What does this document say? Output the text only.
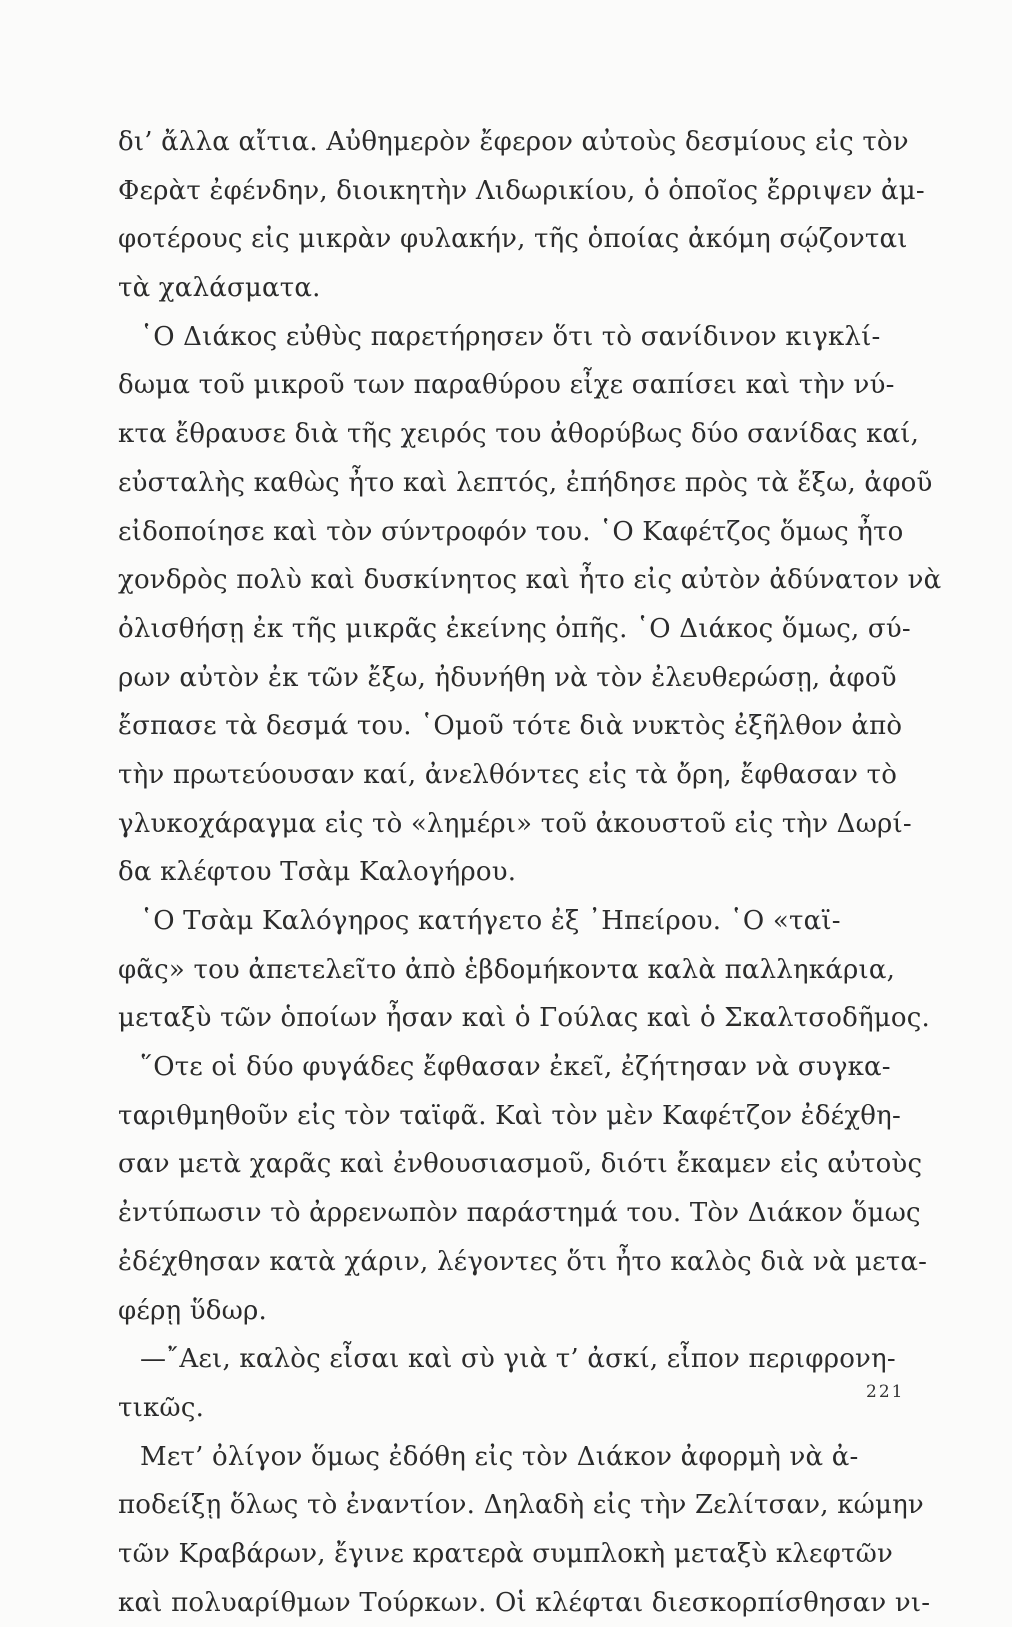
δι’ ἄλλα αἴτια. Αὐθημερὸν ἔφερον αὐτοὺς δεσμίους εἰς τὸν
Φερὰτ ἐφένδην, διοικητὴν Λιδωρικίου, ὁ ὁποῖος ἔρριψεν ἀμ-
φοτέρους εἰς μικρὰν φυλακήν, τῆς ὁποίας ἀκόμη σῴζονται
τὰ χαλάσματα.
῾Ο Διάκος εὐθὺς παρετήρησεν ὅτι τὸ σανίδινον κιγκλί-
δωμα τοῦ μικροῦ των παραθύρου εἶχε σαπίσει καὶ τὴν νύ-
κτα ἔθραυσε διὰ τῆς χειρός του ἀθορύβως δύο σανίδας καί,
εὐσταλὴς καθὼς ἦτο καὶ λεπτός, ἐπήδησε πρὸς τὰ ἔξω, ἀφοῦ
εἰδοποίησε καὶ τὸν σύντροφόν του. ῾Ο Καφέτζος ὅμως ἦτο
χονδρὸς πολὺ καὶ δυσκίνητος καὶ ἦτο εἰς αὐτὸν ἀδύνατον νὰ
ὀλισθήσῃ ἐκ τῆς μικρᾶς ἐκείνης ὀπῆς. ῾Ο Διάκος ὅμως, σύ-
ρων αὐτὸν ἐκ τῶν ἔξω, ἠδυνήθη νὰ τὸν ἐλευθερώσῃ, ἀφοῦ
ἔσπασε τὰ δεσμά του. ῾Ομοῦ τότε διὰ νυκτὸς ἐξῆλθον ἀπὸ
τὴν πρωτεύουσαν καί, ἀνελθόντες εἰς τὰ ὄρη, ἔφθασαν τὸ
γλυκοχάραγμα εἰς τὸ «λημέρι» τοῦ ἀκουστοῦ εἰς τὴν Δωρί-
δα κλέφτου Τσὰμ Καλογήρου.
῾Ο Τσὰμ Καλόγηρος κατήγετο ἐξ ᾿Ηπείρου. ῾Ο «ταϊ-
φᾶς» του ἀπετελεῖτο ἀπὸ ἑβδομήκοντα καλὰ παλληκάρια,
μεταξὺ τῶν ὁποίων ἦσαν καὶ ὁ Γούλας καὶ ὁ Σκαλτσοδῆμος.
῞Οτε οἱ δύο φυγάδες ἔφθασαν ἐκεῖ, ἐζήτησαν νὰ συγκα-
ταριθμηθοῦν εἰς τὸν ταϊφᾶ. Καὶ τὸν μὲν Καφέτζον ἐδέχθη-
σαν μετὰ χαρᾶς καὶ ἐνθουσιασμοῦ, διότι ἔκαμεν εἰς αὐτοὺς
ἐντύπωσιν τὸ ἀρρενωπὸν παράστημά του. Τὸν Διάκον ὅμως
ἐδέχθησαν κατὰ χάριν, λέγοντες ὅτι ἦτο καλὸς διὰ νὰ μετα-
φέρῃ ὕδωρ.
—῎Αει, καλὸς εἶσαι καὶ σὺ γιὰ τ’ ἀσκί, εἶπον περιφρονη-
τικῶς.
Μετ’ ὀλίγον ὅμως ἐδόθη εἰς τὸν Διάκον ἀφορμὴ νὰ ἀ-
ποδείξῃ ὅλως τὸ ἐναντίον. Δηλαδὴ εἰς τὴν Ζελίτσαν, κώμην
τῶν Κραβάρων, ἔγινε κρατερὰ συμπλοκὴ μεταξὺ κλεφτῶν
καὶ πολυαρίθμων Τούρκων. Οἱ κλέφται διεσκορπίσθησαν νι-
221
